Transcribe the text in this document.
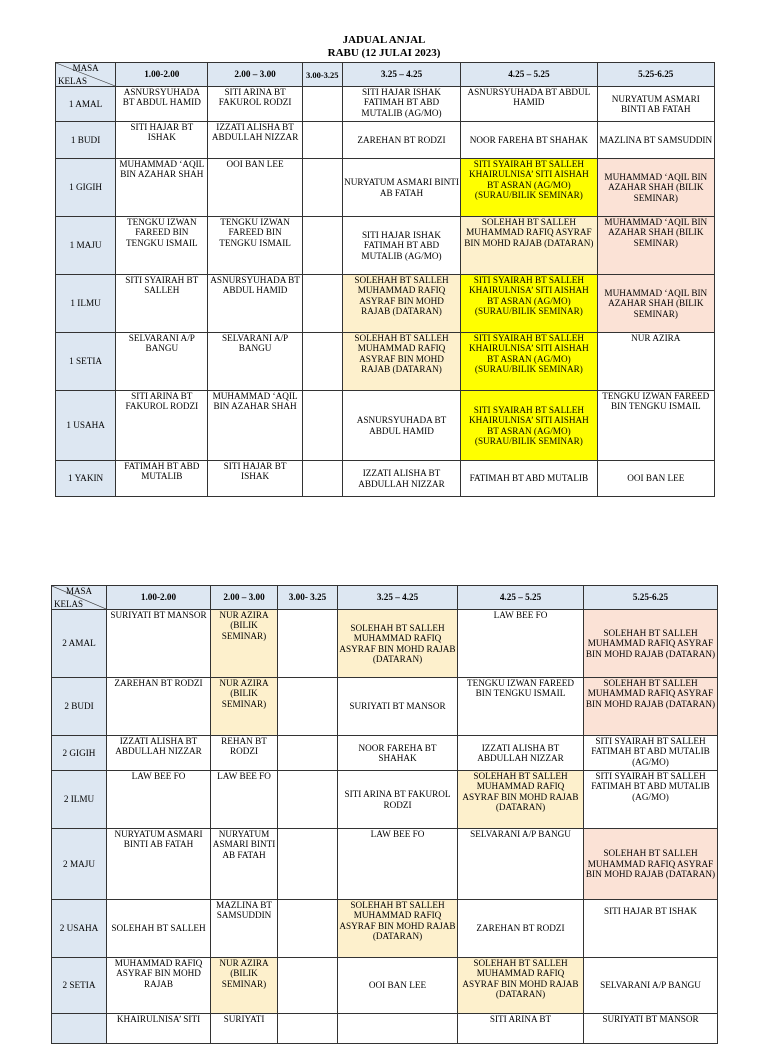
JADUAL ANJAL
RABU (12 JULAI 2023)
MASA
KELAS	1.00-2.00	2.00 – 3.00	3.00-3.25	3.25 – 4.25	4.25 – 5.25	5.25-6.25
1 AMAL	ASNURSYUHADA BT ABDUL HAMID	SITI ARINA BT FAKUROL RODZI		SITI HAJAR ISHAK FATIMAH BT ABD MUTALIB (AG/MO)	ASNURSYUHADA BT ABDUL HAMID	NURYATUM ASMARI BINTI AB FATAH
1 BUDI	SITI HAJAR BT ISHAK	IZZATI ALISHA BT ABDULLAH NIZZAR		ZAREHAN BT RODZI	NOOR FAREHA BT SHAHAK	MAZLINA BT SAMSUDDIN
1 GIGIH	MUHAMMAD ‘AQIL BIN AZAHAR SHAH	OOI BAN LEE		NURYATUM ASMARI BINTI AB FATAH	SITI SYAIRAH BT SALLEH KHAIRULNISA’ SITI AISHAH BT ASRAN (AG/MO) (SURAU/BILIK SEMINAR)	MUHAMMAD ‘AQIL BIN AZAHAR SHAH (BILIK SEMINAR)
1 MAJU	TENGKU IZWAN FAREED BIN TENGKU ISMAIL	TENGKU IZWAN FAREED BIN TENGKU ISMAIL		SITI HAJAR ISHAK FATIMAH BT ABD MUTALIB (AG/MO)	SOLEHAH BT SALLEH MUHAMMAD RAFIQ ASYRAF BIN MOHD RAJAB (DATARAN)	MUHAMMAD ‘AQIL BIN AZAHAR SHAH (BILIK SEMINAR)
1 ILMU	SITI SYAIRAH BT SALLEH	ASNURSYUHADA BT ABDUL HAMID		SOLEHAH BT SALLEH MUHAMMAD RAFIQ ASYRAF BIN MOHD RAJAB (DATARAN)	SITI SYAIRAH BT SALLEH KHAIRULNISA’ SITI AISHAH BT ASRAN (AG/MO) (SURAU/BILIK SEMINAR)	MUHAMMAD ‘AQIL BIN AZAHAR SHAH (BILIK SEMINAR)
1 SETIA	SELVARANI A/P BANGU	SELVARANI A/P BANGU		SOLEHAH BT SALLEH MUHAMMAD RAFIQ ASYRAF BIN MOHD RAJAB (DATARAN)	SITI SYAIRAH BT SALLEH KHAIRULNISA’ SITI AISHAH BT ASRAN (AG/MO) (SURAU/BILIK SEMINAR)	NUR AZIRA
1 USAHA	SITI ARINA BT FAKUROL RODZI	MUHAMMAD ‘AQIL BIN AZAHAR SHAH		ASNURSYUHADA BT ABDUL HAMID	SITI SYAIRAH BT SALLEH KHAIRULNISA’ SITI AISHAH BT ASRAN (AG/MO) (SURAU/BILIK SEMINAR)	TENGKU IZWAN FAREED BIN TENGKU ISMAIL
1 YAKIN	FATIMAH BT ABD MUTALIB	SITI HAJAR BT ISHAK		IZZATI ALISHA BT ABDULLAH NIZZAR	FATIMAH BT ABD MUTALIB	OOI BAN LEE
MASA
KELAS	1.00-2.00	2.00 – 3.00	3.00- 3.25	3.25 – 4.25	4.25 – 5.25	5.25-6.25
2 AMAL	SURIYATI BT MANSOR	NUR AZIRA (BILIK SEMINAR)		SOLEHAH BT SALLEH MUHAMMAD RAFIQ ASYRAF BIN MOHD RAJAB (DATARAN)	LAW BEE FO	SOLEHAH BT SALLEH MUHAMMAD RAFIQ ASYRAF BIN MOHD RAJAB (DATARAN)
2 BUDI	ZAREHAN BT RODZI	NUR AZIRA (BILIK SEMINAR)		SURIYATI BT MANSOR	TENGKU IZWAN FAREED BIN TENGKU ISMAIL	SOLEHAH BT SALLEH MUHAMMAD RAFIQ ASYRAF BIN MOHD RAJAB (DATARAN)
2 GIGIH	IZZATI ALISHA BT ABDULLAH NIZZAR	REHAN BT RODZI		NOOR FAREHA BT SHAHAK	IZZATI ALISHA BT ABDULLAH NIZZAR	SITI SYAIRAH BT SALLEH FATIMAH BT ABD MUTALIB (AG/MO)
2 ILMU	LAW BEE FO	LAW BEE FO		SITI ARINA BT FAKUROL RODZI	SOLEHAH BT SALLEH MUHAMMAD RAFIQ ASYRAF BIN MOHD RAJAB (DATARAN)	SITI SYAIRAH BT SALLEH FATIMAH BT ABD MUTALIB (AG/MO)
2 MAJU	NURYATUM ASMARI BINTI AB FATAH	NURYATUM ASMARI BINTI AB FATAH		LAW BEE FO	SELVARANI A/P BANGU	SOLEHAH BT SALLEH MUHAMMAD RAFIQ ASYRAF BIN MOHD RAJAB (DATARAN)
2 USAHA	SOLEHAH BT SALLEH	MAZLINA BT SAMSUDDIN		SOLEHAH BT SALLEH MUHAMMAD RAFIQ ASYRAF BIN MOHD RAJAB (DATARAN)	ZAREHAN BT RODZI	SITI HAJAR BT ISHAK
2 SETIA	MUHAMMAD RAFIQ ASYRAF BIN MOHD RAJAB	NUR AZIRA (BILIK SEMINAR)		OOI BAN LEE	SOLEHAH BT SALLEH MUHAMMAD RAFIQ ASYRAF BIN MOHD RAJAB (DATARAN)	SELVARANI A/P BANGU
	KHAIRULNISA’ SITI	SURIYATI			SITI ARINA BT	SURIYATI BT MANSOR
